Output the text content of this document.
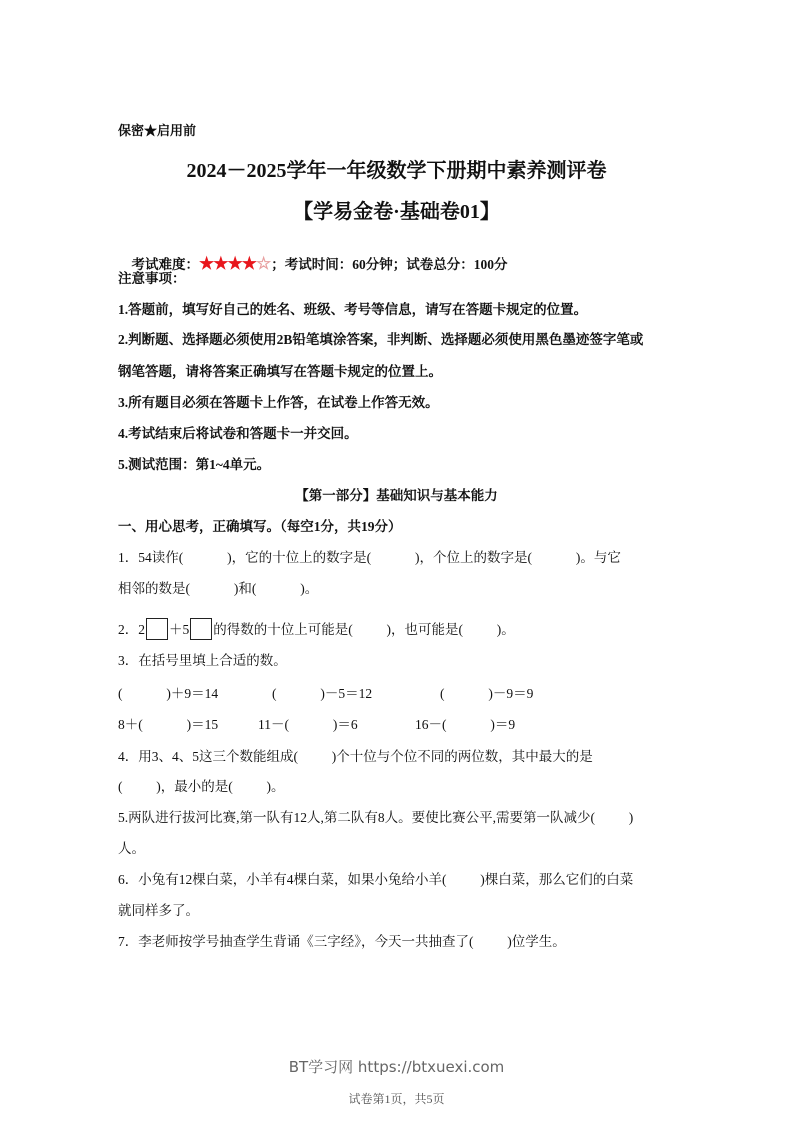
保密★启用前
2024－2025学年一年级数学下册期中素养测评卷
【学易金卷·基础卷01】

考试难度：★★★★☆；考试时间：60分钟；试卷总分：100分

注意事项：
1.答题前，填写好自己的姓名、班级、考号等信息，请写在答题卡规定的位置。
2.判断题、选择题必须使用2B铅笔填涂答案，非判断、选择题必须使用黑色墨迹签字笔或
钢笔答题，请将答案正确填写在答题卡规定的位置上。
3.所有题目必须在答题卡上作答，在试卷上作答无效。
4.考试结束后将试卷和答题卡一并交回。
5.测试范围：第1~4单元。
【第一部分】基础知识与基本能力
一、用心思考，正确填写。（每空1分，共19分）
1．54读作(             )，它的十位上的数字是(             )，个位上的数字是(             )。与它
相邻的数是(             )和(             )。
2．2 ＋5 的得数的十位上可能是(          )，也可能是(          )。
3．在括号里填上合适的数。
(             )＋9＝14	(             )－5＝12	(             )－9＝9
8＋(             )＝15	11－(             )＝6	16－(             )＝9
4．用3、4、5这三个数能组成(          )个十位与个位不同的两位数，其中最大的是
(          )，最小的是(          )。
5.两队进行拔河比赛,第一队有12人,第二队有8人。要使比赛公平,需要第一队减少(          )
人。
6．小兔有12棵白菜，小羊有4棵白菜，如果小兔给小羊(          )棵白菜，那么它们的白菜
就同样多了。
7．李老师按学号抽查学生背诵《三字经》，今天一共抽查了(          )位学生。
BT学习网 https://btxuexi.com
试卷第1页，共5页
